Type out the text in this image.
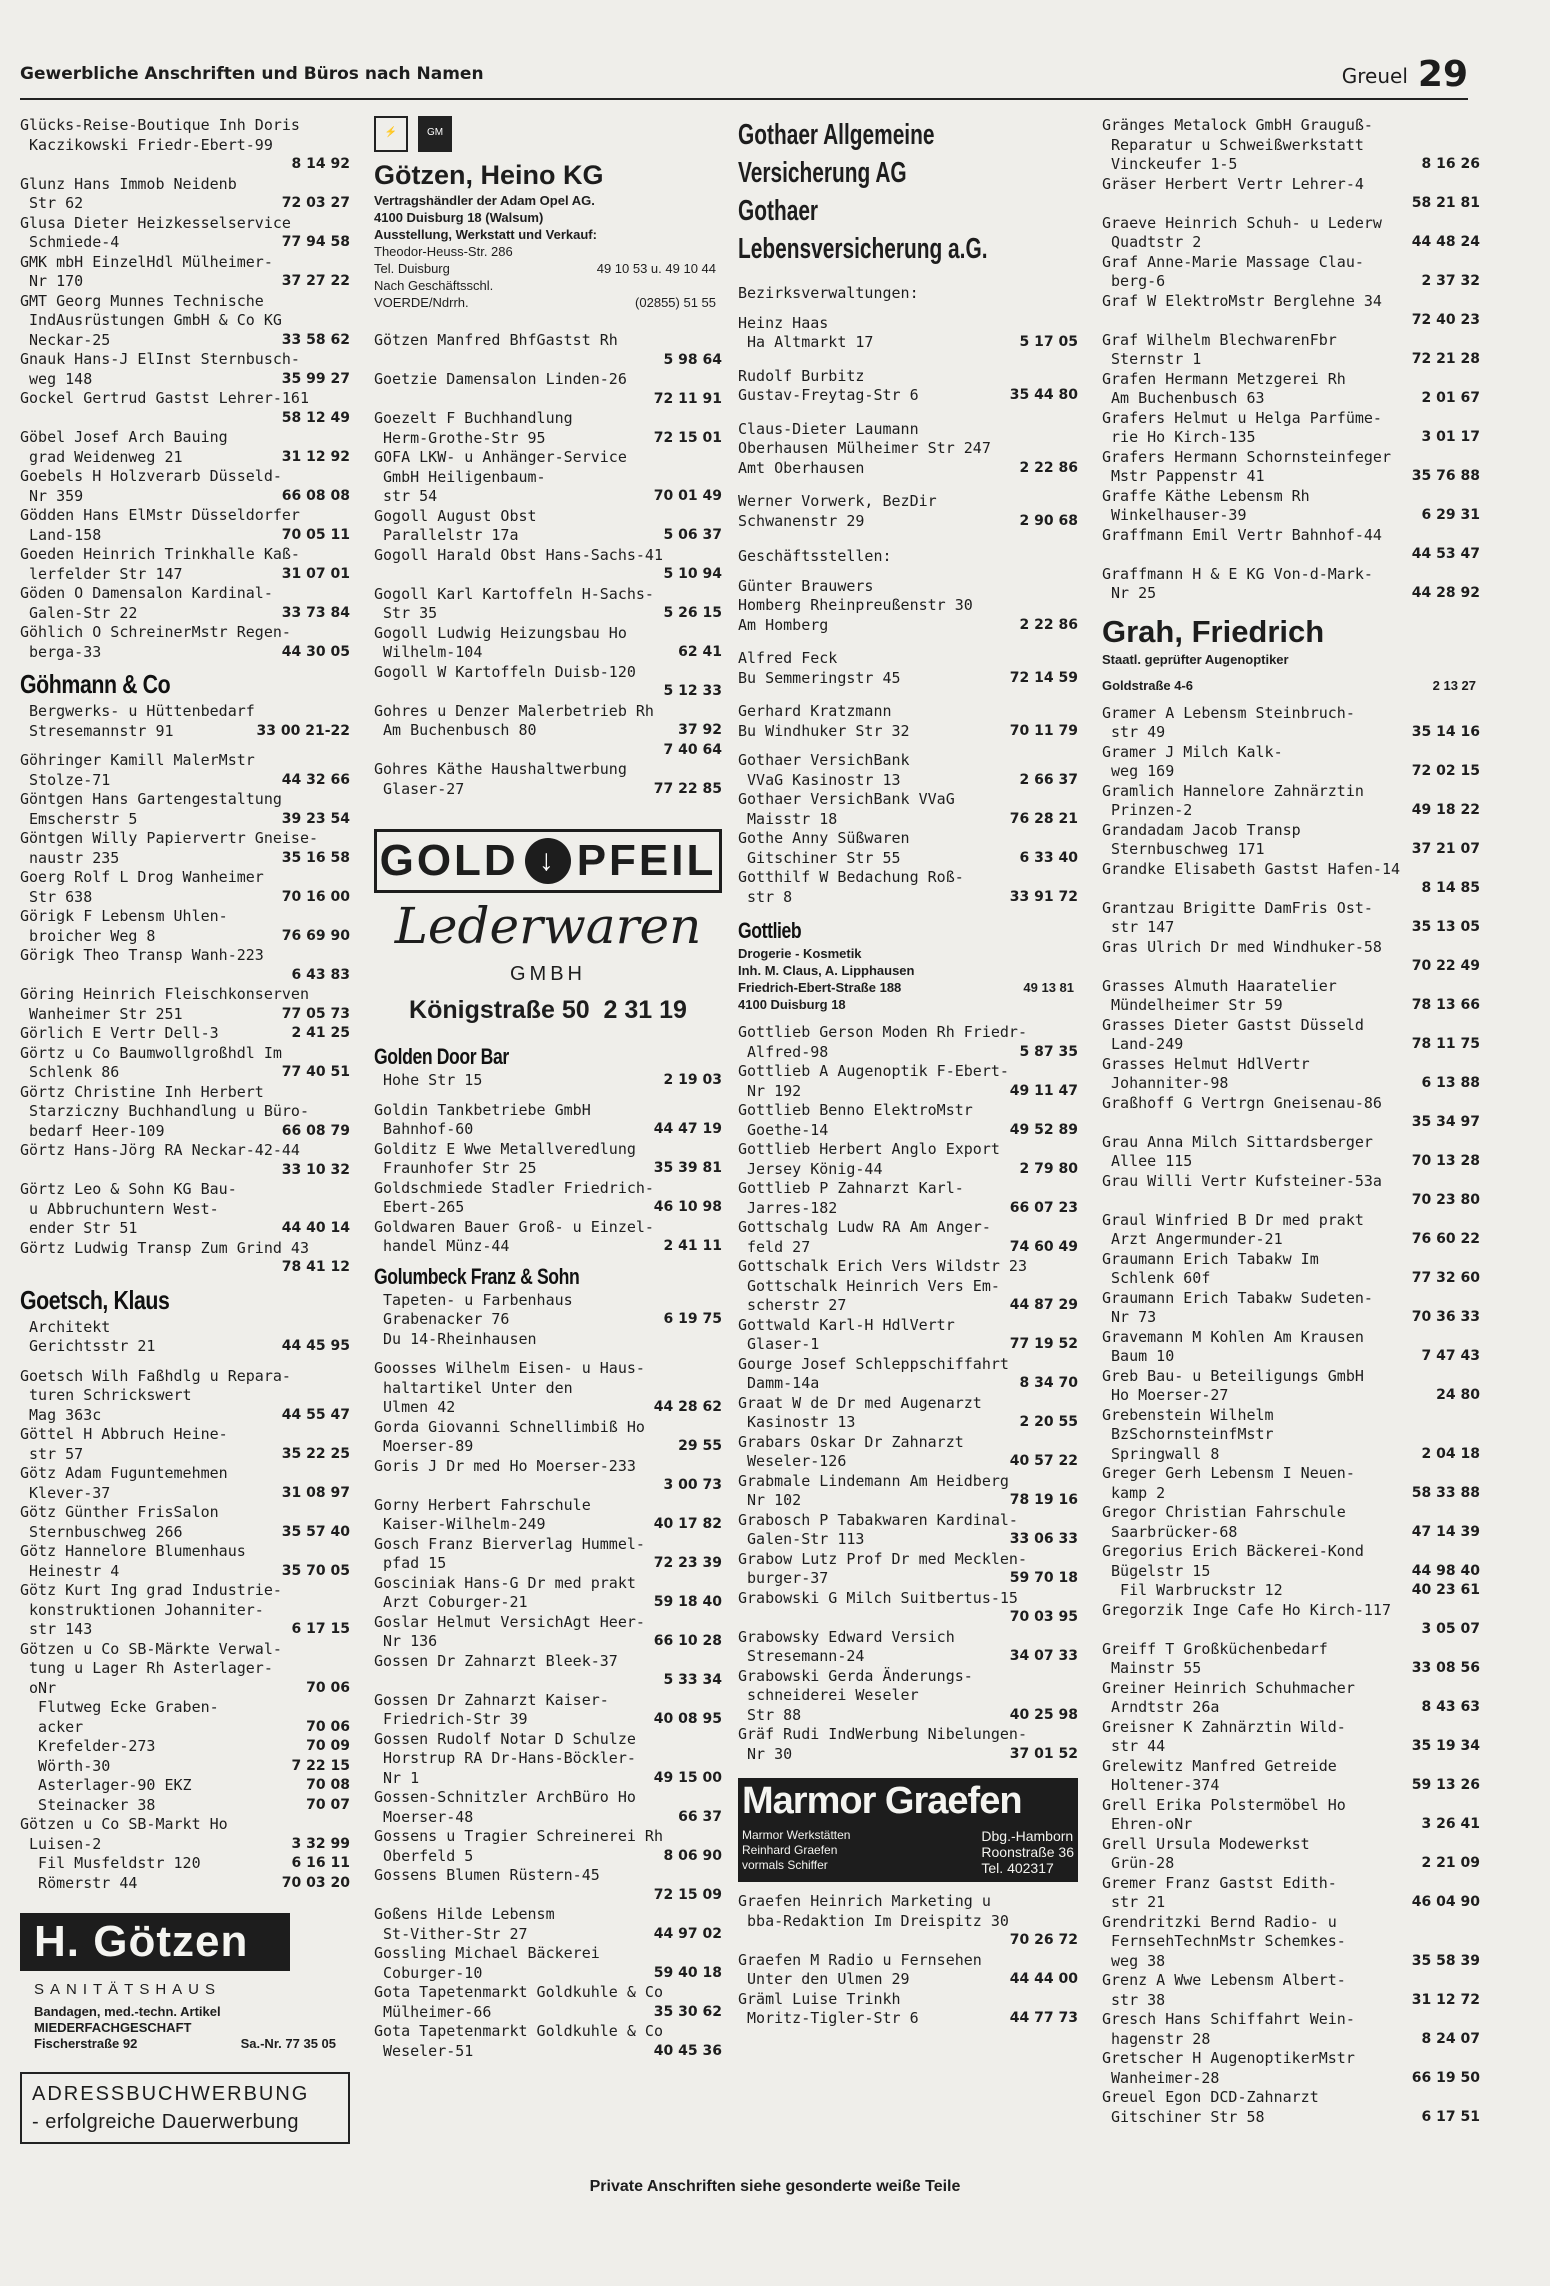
Gewerbliche Anschriften und Büros nach Namen	Greuel 29
Glücks-Reise-Boutique Inh Doris
Kaczikowski Friedr-Ebert-99

8 14 92
Glunz Hans Immob Neidenb
Str 62	72 03 27
Glusa Dieter Heizkesselservice
Schmiede-4	77 94 58
GMK mbH EinzelHdl Mülheimer-
Nr 170	37 27 22
GMT Georg Munnes Technische
IndAusrüstungen GmbH & Co KG
Neckar-25	33 58 62
Gnauk Hans-J ElInst Sternbusch-
weg 148	35 99 27
Gockel Gertrud Gastst Lehrer-161

58 12 49
Göbel Josef Arch Bauing
grad Weidenweg 21	31 12 92
Goebels H Holzverarb Düsseld-
Nr 359	66 08 08
Gödden Hans ElMstr Düsseldorfer
Land-158	70 05 11
Goeden Heinrich Trinkhalle Kaß-
lerfelder Str 147	31 07 01
Göden O Damensalon Kardinal-
Galen-Str 22	33 73 84
Göhlich O SchreinerMstr Regen-
berga-33	44 30 05
Göhmann & Co
Bergwerks- u Hüttenbedarf
Stresemannstr 91	33 00 21-22
Göhringer Kamill MalerMstr
Stolze-71	44 32 66
Göntgen Hans Gartengestaltung
Emscherstr 5	39 23 54
Göntgen Willy Papiervertr Gneise-
naustr 235	35 16 58
Goerg Rolf L Drog Wanheimer
Str 638	70 16 00
Görigk F Lebensm Uhlen-
broicher Weg 8	76 69 90
Görigk Theo Transp Wanh-223

6 43 83
Göring Heinrich Fleischkonserven
Wanheimer Str 251	77 05 73
Görlich E Vertr Dell-3	2 41 25
Görtz u Co Baumwollgroßhdl Im
Schlenk 86	77 40 51
Görtz Christine Inh Herbert
Starziczny Buchhandlung u Büro-
bedarf Heer-109	66 08 79
Görtz Hans-Jörg RA Neckar-42-44

33 10 32
Görtz Leo & Sohn KG Bau-
u Abbruchuntern West-
ender Str 51	44 40 14
Görtz Ludwig Transp Zum Grind 43

78 41 12
Goetsch, Klaus
Architekt
Gerichtsstr 21	44 45 95
Goetsch Wilh Faßhdlg u Repara-
turen Schrickswert
Mag 363c	44 55 47
Göttel H Abbruch Heine-
str 57	35 22 25
Götz Adam Fuguntemehmen
Klever-37	31 08 97
Götz Günther FrisSalon
Sternbuschweg 266	35 57 40
Götz Hannelore Blumenhaus
Heinestr 4	35 70 05
Götz Kurt Ing grad Industrie-
konstruktionen Johanniter-
str 143	6 17 15
Götzen u Co SB-Märkte Verwal-
tung u Lager Rh Asterlager-
oNr	70 06
Flutweg Ecke Graben-
acker	70 06
Krefelder-273	70 09
Wörth-30	7 22 15
Asterlager-90 EKZ	70 08
Steinacker 38	70 07
Götzen u Co SB-Markt Ho
Luisen-2	3 32 99
Fil Musfeldstr 120	6 16 11
Römerstr 44	70 03 20
H. Götzen
SANITÄTSHAUS
Bandagen, med.-techn. Artikel
MIEDERFACHGESCHAFT
Fischerstraße 92	Sa.-Nr. 77 35 05
ADRESSBUCHWERBUNG
- erfolgreiche Dauerwerbung
⚡	GM
Götzen, Heino KG
Vertragshändler der Adam Opel AG.
4100 Duisburg 18 (Walsum)
Ausstellung, Werkstatt und Verkauf:
Theodor-Heuss-Str. 286
Tel. Duisburg	49 10 53 u. 49 10 44
Nach Geschäftsschl.
VOERDE/Ndrrh.	(02855) 51 55
Götzen Manfred BhfGastst Rh

5 98 64
Goetzie Damensalon Linden-26

72 11 91
Goezelt F Buchhandlung
Herm-Grothe-Str 95	72 15 01
GOFA LKW- u Anhänger-Service
GmbH Heiligenbaum-
str 54	70 01 49
Gogoll August Obst
Parallelstr 17a	5 06 37
Gogoll Harald Obst Hans-Sachs-41

5 10 94
Gogoll Karl Kartoffeln H-Sachs-
Str 35	5 26 15
Gogoll Ludwig Heizungsbau Ho
Wilhelm-104	62 41
Gogoll W Kartoffeln Duisb-120

5 12 33
Gohres u Denzer Malerbetrieb Rh
Am Buchenbusch 80	37 92

7 40 64
Gohres Käthe Haushaltwerbung
Glaser-27	77 22 85
GOLD ↓ PFEIL
Lederwaren
GMBH
Königstraße 50 2 31 19
Golden Door Bar
Hohe Str 15	2 19 03
Goldin Tankbetriebe GmbH
Bahnhof-60	44 47 19
Golditz E Wwe Metallveredlung
Fraunhofer Str 25	35 39 81
Goldschmiede Stadler Friedrich-
Ebert-265	46 10 98
Goldwaren Bauer Groß- u Einzel-
handel Münz-44	2 41 11
Golumbeck Franz & Sohn
Tapeten- u Farbenhaus
Grabenacker 76	6 19 75
Du 14-Rheinhausen
Goosses Wilhelm Eisen- u Haus-
haltartikel Unter den
Ulmen 42	44 28 62
Gorda Giovanni Schnellimbiß Ho
Moerser-89	29 55
Goris J Dr med Ho Moerser-233

3 00 73
Gorny Herbert Fahrschule
Kaiser-Wilhelm-249	40 17 82
Gosch Franz Bierverlag Hummel-
pfad 15	72 23 39
Gosciniak Hans-G Dr med prakt
Arzt Coburger-21	59 18 40
Goslar Helmut VersichAgt Heer-
Nr 136	66 10 28
Gossen Dr Zahnarzt Bleek-37

5 33 34
Gossen Dr Zahnarzt Kaiser-
Friedrich-Str 39	40 08 95
Gossen Rudolf Notar D Schulze
Horstrup RA Dr-Hans-Böckler-
Nr 1	49 15 00
Gossen-Schnitzler ArchBüro Ho
Moerser-48	66 37
Gossens u Tragier Schreinerei Rh
Oberfeld 5	8 06 90
Gossens Blumen Rüstern-45

72 15 09
Goßens Hilde Lebensm
St-Vither-Str 27	44 97 02
Gossling Michael Bäckerei
Coburger-10	59 40 18
Gota Tapetenmarkt Goldkuhle & Co
Mülheimer-66	35 30 62
Gota Tapetenmarkt Goldkuhle & Co
Weseler-51	40 45 36
Gothaer Allgemeine
Versicherung AG
Gothaer
Lebensversicherung a.G.
Bezirksverwaltungen:
Heinz Haas
Ha Altmarkt 17	5 17 05
Rudolf Burbitz
Gustav-Freytag-Str 6	35 44 80
Claus-Dieter Laumann
Oberhausen Mülheimer Str 247
Amt Oberhausen	2 22 86
Werner Vorwerk, BezDir
Schwanenstr 29	2 90 68
Geschäftsstellen:
Günter Brauwers
Homberg Rheinpreußenstr 30
Am Homberg	2 22 86
Alfred Feck
Bu Semmeringstr 45	72 14 59
Gerhard Kratzmann
Bu Windhuker Str 32	70 11 79
Gothaer VersichBank
VVaG Kasinostr 13	2 66 37
Gothaer VersichBank VVaG
Maisstr 18	76 28 21
Gothe Anny Süßwaren
Gitschiner Str 55	6 33 40
Gotthilf W Bedachung Roß-
str 8	33 91 72
Gottlieb
Drogerie - Kosmetik
Inh. M. Claus, A. Lipphausen
Friedrich-Ebert-Straße 188	49 13 81
4100 Duisburg 18
Gottlieb Gerson Moden Rh Friedr-
Alfred-98	5 87 35
Gottlieb A Augenoptik F-Ebert-
Nr 192	49 11 47
Gottlieb Benno ElektroMstr
Goethe-14	49 52 89
Gottlieb Herbert Anglo Export
Jersey König-44	2 79 80
Gottlieb P Zahnarzt Karl-
Jarres-182	66 07 23
Gottschalg Ludw RA Am Anger-
feld 27	74 60 49
Gottschalk Erich Vers Wildstr 23
Gottschalk Heinrich Vers Em-
scherstr 27	44 87 29
Gottwald Karl-H HdlVertr
Glaser-1	77 19 52
Gourge Josef Schleppschiffahrt
Damm-14a	8 34 70
Graat W de Dr med Augenarzt
Kasinostr 13	2 20 55
Grabars Oskar Dr Zahnarzt
Weseler-126	40 57 22
Grabmale Lindemann Am Heidberg
Nr 102	78 19 16
Grabosch P Tabakwaren Kardinal-
Galen-Str 113	33 06 33
Grabow Lutz Prof Dr med Mecklen-
burger-37	59 70 18
Grabowski G Milch Suitbertus-15

70 03 95
Grabowsky Edward Versich
Stresemann-24	34 07 33
Grabowski Gerda Änderungs-
schneiderei Weseler
Str 88	40 25 98
Gräf Rudi IndWerbung Nibelungen-
Nr 30	37 01 52
Marmor Graefen
Marmor Werkstätten
Reinhard Graefen
vormals Schiffer
Dbg.-Hamborn
Roonstraße 36
Tel. 402317
Graefen Heinrich Marketing u
bba-Redaktion Im Dreispitz 30

70 26 72
Graefen M Radio u Fernsehen
Unter den Ulmen 29	44 44 00
Gräml Luise Trinkh
Moritz-Tigler-Str 6	44 77 73
Gränges Metalock GmbH Grauguß-
Reparatur u Schweißwerkstatt
Vinckeufer 1-5	8 16 26
Gräser Herbert Vertr Lehrer-4

58 21 81
Graeve Heinrich Schuh- u Lederw
Quadtstr 2	44 48 24
Graf Anne-Marie Massage Clau-
berg-6	2 37 32
Graf W ElektroMstr Berglehne 34

72 40 23
Graf Wilhelm BlechwarenFbr
Sternstr 1	72 21 28
Grafen Hermann Metzgerei Rh
Am Buchenbusch 63	2 01 67
Grafers Helmut u Helga Parfüme-
rie Ho Kirch-135	3 01 17
Grafers Hermann Schornsteinfeger
Mstr Pappenstr 41	35 76 88
Graffe Käthe Lebensm Rh
Winkelhauser-39	6 29 31
Graffmann Emil Vertr Bahnhof-44

44 53 47
Graffmann H & E KG Von-d-Mark-
Nr 25	44 28 92
Grah, Friedrich
Staatl. geprüfter Augenoptiker
Goldstraße 4-6	2 13 27
Gramer A Lebensm Steinbruch-
str 49	35 14 16
Gramer J Milch Kalk-
weg 169	72 02 15
Gramlich Hannelore Zahnärztin
Prinzen-2	49 18 22
Grandadam Jacob Transp
Sternbuschweg 171	37 21 07
Grandke Elisabeth Gastst Hafen-14

8 14 85
Grantzau Brigitte DamFris Ost-
str 147	35 13 05
Gras Ulrich Dr med Windhuker-58

70 22 49
Grasses Almuth Haaratelier
Mündelheimer Str 59	78 13 66
Grasses Dieter Gastst Düsseld
Land-249	78 11 75
Grasses Helmut HdlVertr
Johanniter-98	6 13 88
Graßhoff G Vertrgn Gneisenau-86

35 34 97
Grau Anna Milch Sittardsberger
Allee 115	70 13 28
Grau Willi Vertr Kufsteiner-53a

70 23 80
Graul Winfried B Dr med prakt
Arzt Angermunder-21	76 60 22
Graumann Erich Tabakw Im
Schlenk 60f	77 32 60
Graumann Erich Tabakw Sudeten-
Nr 73	70 36 33
Gravemann M Kohlen Am Krausen
Baum 10	7 47 43
Greb Bau- u Beteiligungs GmbH
Ho Moerser-27	24 80
Grebenstein Wilhelm
BzSchornsteinfMstr
Springwall 8	2 04 18
Greger Gerh Lebensm I Neuen-
kamp 2	58 33 88
Gregor Christian Fahrschule
Saarbrücker-68	47 14 39
Gregorius Erich Bäckerei-Kond
Bügelstr 15	44 98 40
Fil Warbruckstr 12	40 23 61
Gregorzik Inge Cafe Ho Kirch-117

3 05 07
Greiff T Großküchenbedarf
Mainstr 55	33 08 56
Greiner Heinrich Schuhmacher
Arndtstr 26a	8 43 63
Greisner K Zahnärztin Wild-
str 44	35 19 34
Grelewitz Manfred Getreide
Holtener-374	59 13 26
Grell Erika Polstermöbel Ho
Ehren-oNr	3 26 41
Grell Ursula Modewerkst
Grün-28	2 21 09
Gremer Franz Gastst Edith-
str 21	46 04 90
Grendritzki Bernd Radio- u
FernsehTechnMstr Schemkes-
weg 38	35 58 39
Grenz A Wwe Lebensm Albert-
str 38	31 12 72
Gresch Hans Schiffahrt Wein-
hagenstr 28	8 24 07
Gretscher H AugenoptikerMstr
Wanheimer-28	66 19 50
Greuel Egon DCD-Zahnarzt
Gitschiner Str 58	6 17 51
Private Anschriften siehe gesonderte weiße Teile
